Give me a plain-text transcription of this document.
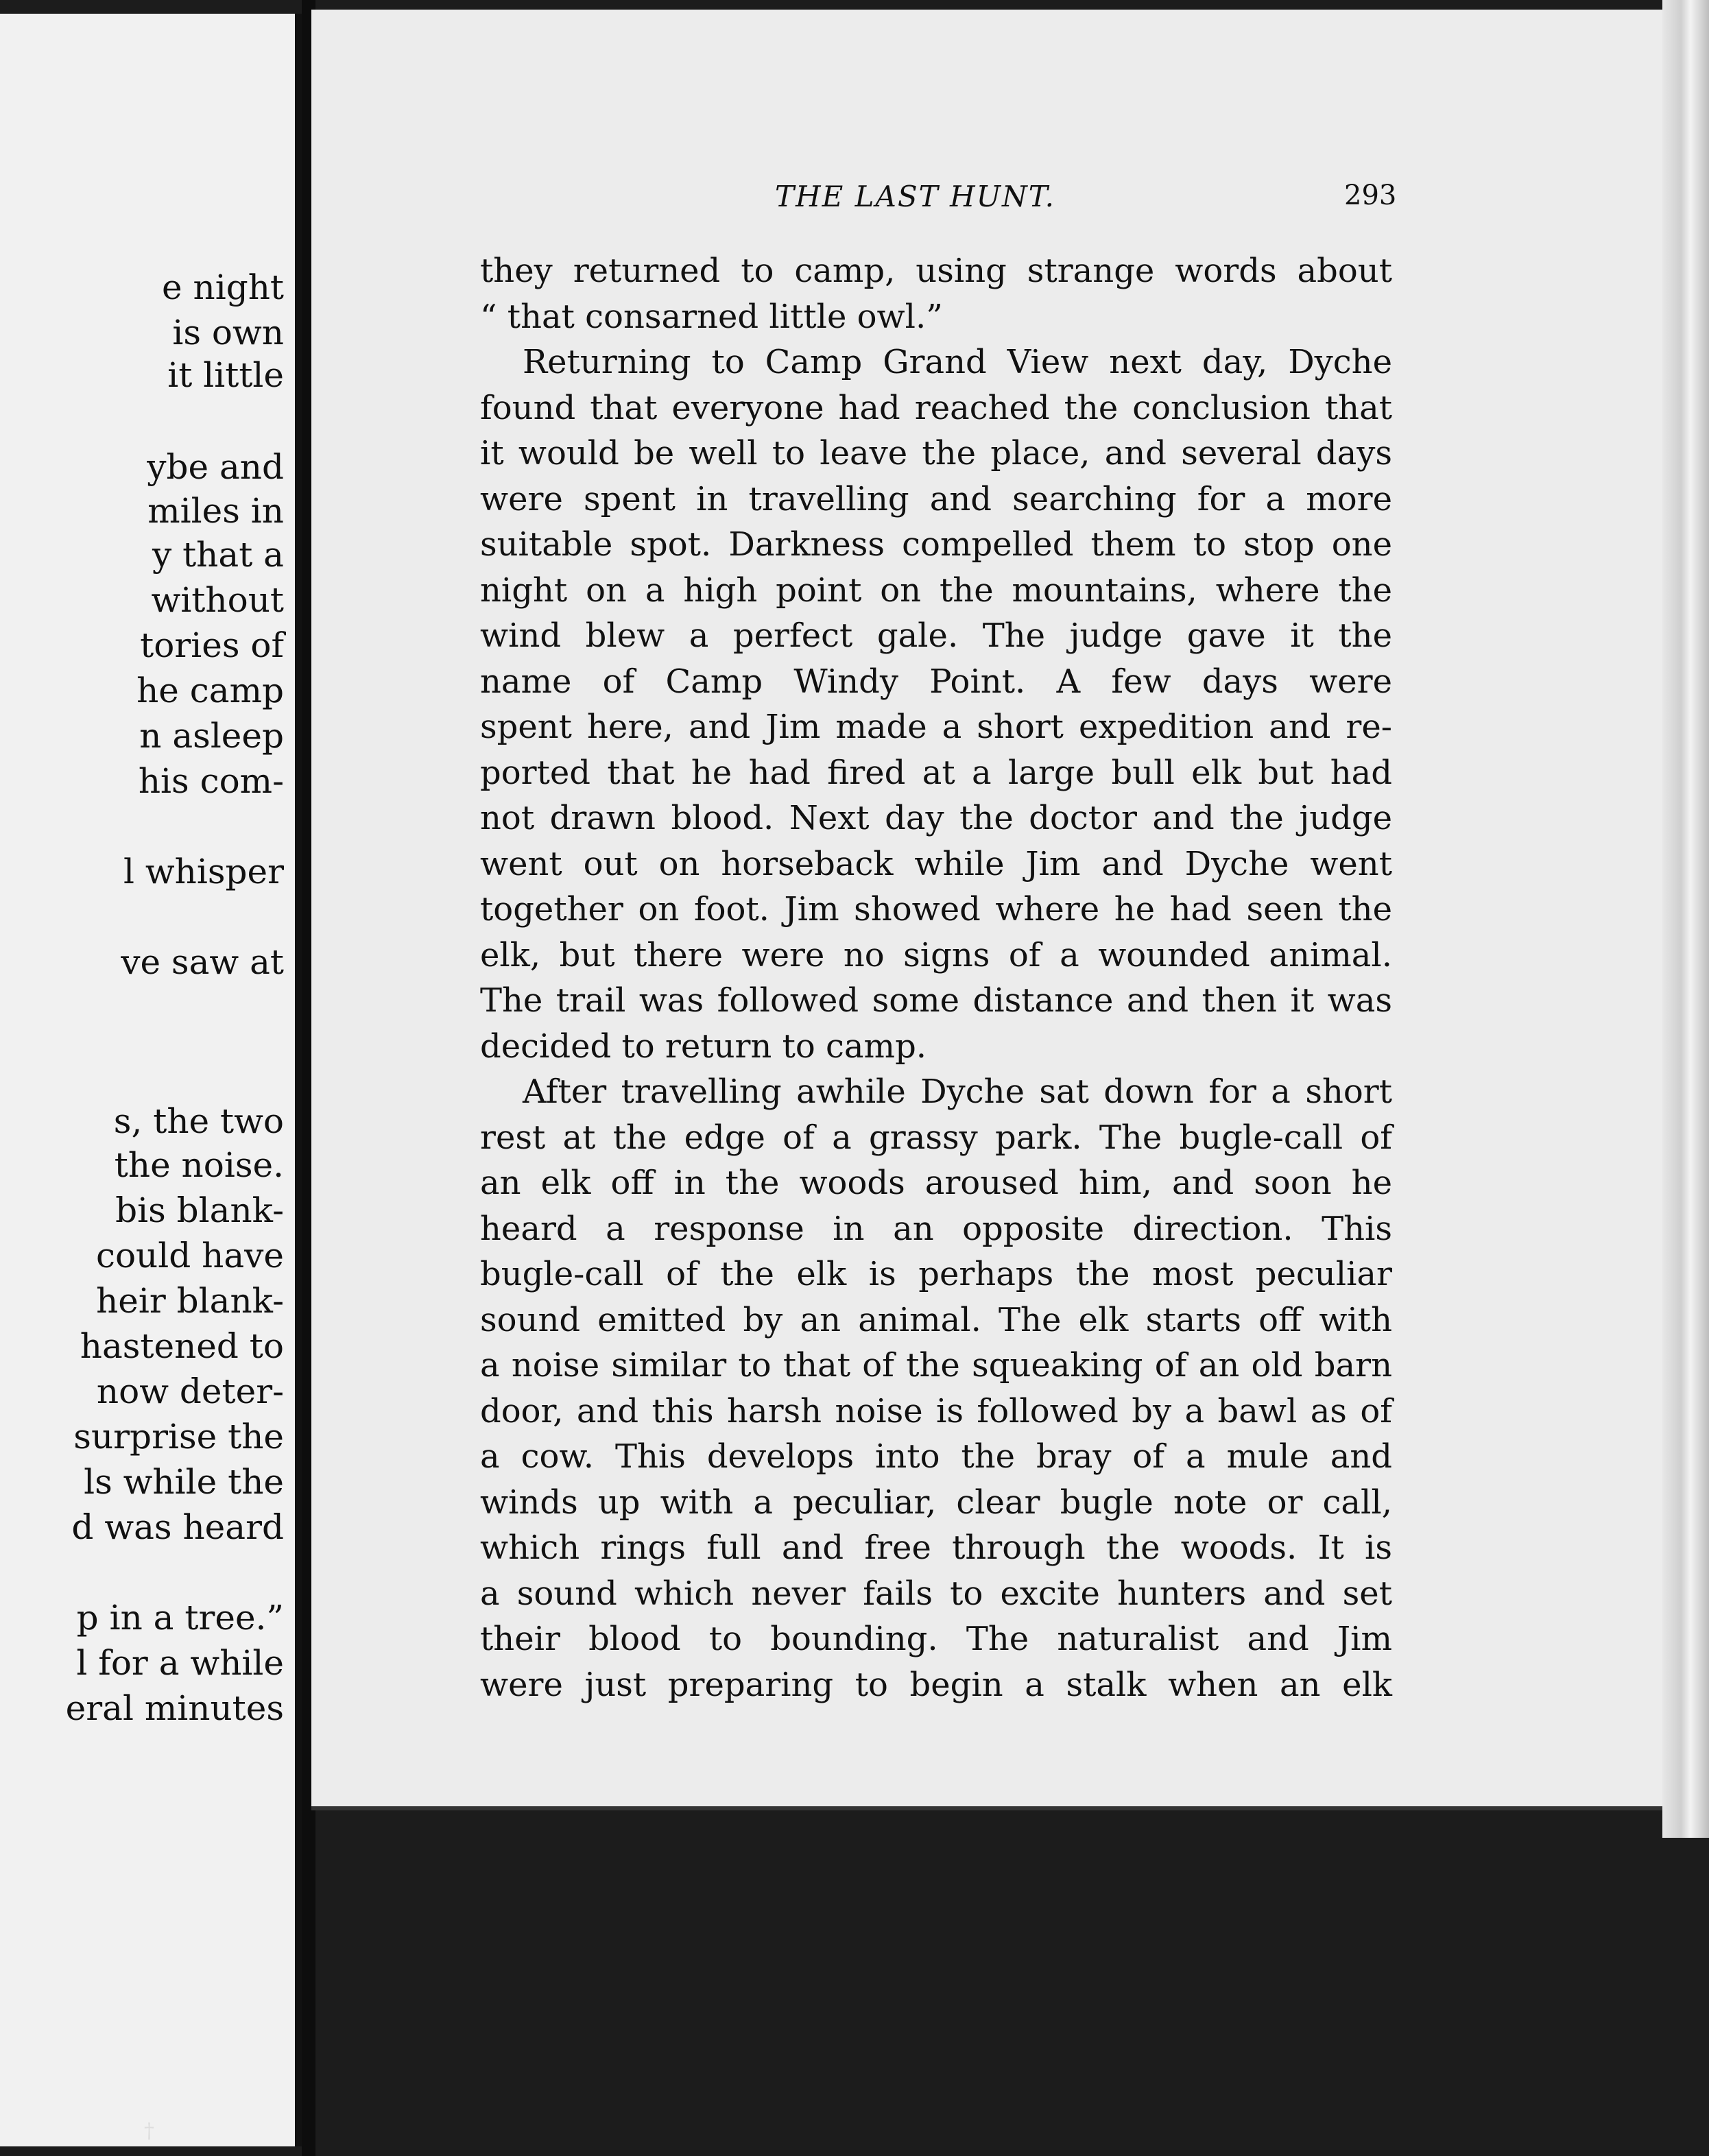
e night
is own
it little
ybe and
miles in
y that a
without
tories of
he camp
n asleep
his com-
l whisper
ve saw at
s, the two
the noise.
bis blank-
could have
heir blank-
hastened to
now deter-
surprise the
ls while the
d was heard
p in a tree.”
l for a while
eral minutes
THE LAST HUNT.	293
they returned to camp, using strange words about
“ that consarned little owl.”
Returning to Camp Grand View next day, Dyche
found that everyone had reached the conclusion that
it would be well to leave the place, and several days
were spent in travelling and searching for a more
suitable spot. Darkness compelled them to stop one
night on a high point on the mountains, where the
wind blew a perfect gale. The judge gave it the
name of Camp Windy Point. A few days were
spent here, and Jim made a short expedition and re-
ported that he had fired at a large bull elk but had
not drawn blood. Next day the doctor and the judge
went out on horseback while Jim and Dyche went
together on foot. Jim showed where he had seen the
elk, but there were no signs of a wounded animal.
The trail was followed some distance and then it was
decided to return to camp.
After travelling awhile Dyche sat down for a short
rest at the edge of a grassy park. The bugle-call of
an elk off in the woods aroused him, and soon he
heard a response in an opposite direction. This
bugle-call of the elk is perhaps the most peculiar
sound emitted by an animal. The elk starts off with
a noise similar to that of the squeaking of an old barn
door, and this harsh noise is followed by a bawl as of
a cow. This develops into the bray of a mule and
winds up with a peculiar, clear bugle note or call,
which rings full and free through the woods. It is
a sound which never fails to excite hunters and set
their blood to bounding. The naturalist and Jim
were just preparing to begin a stalk when an elk
†
